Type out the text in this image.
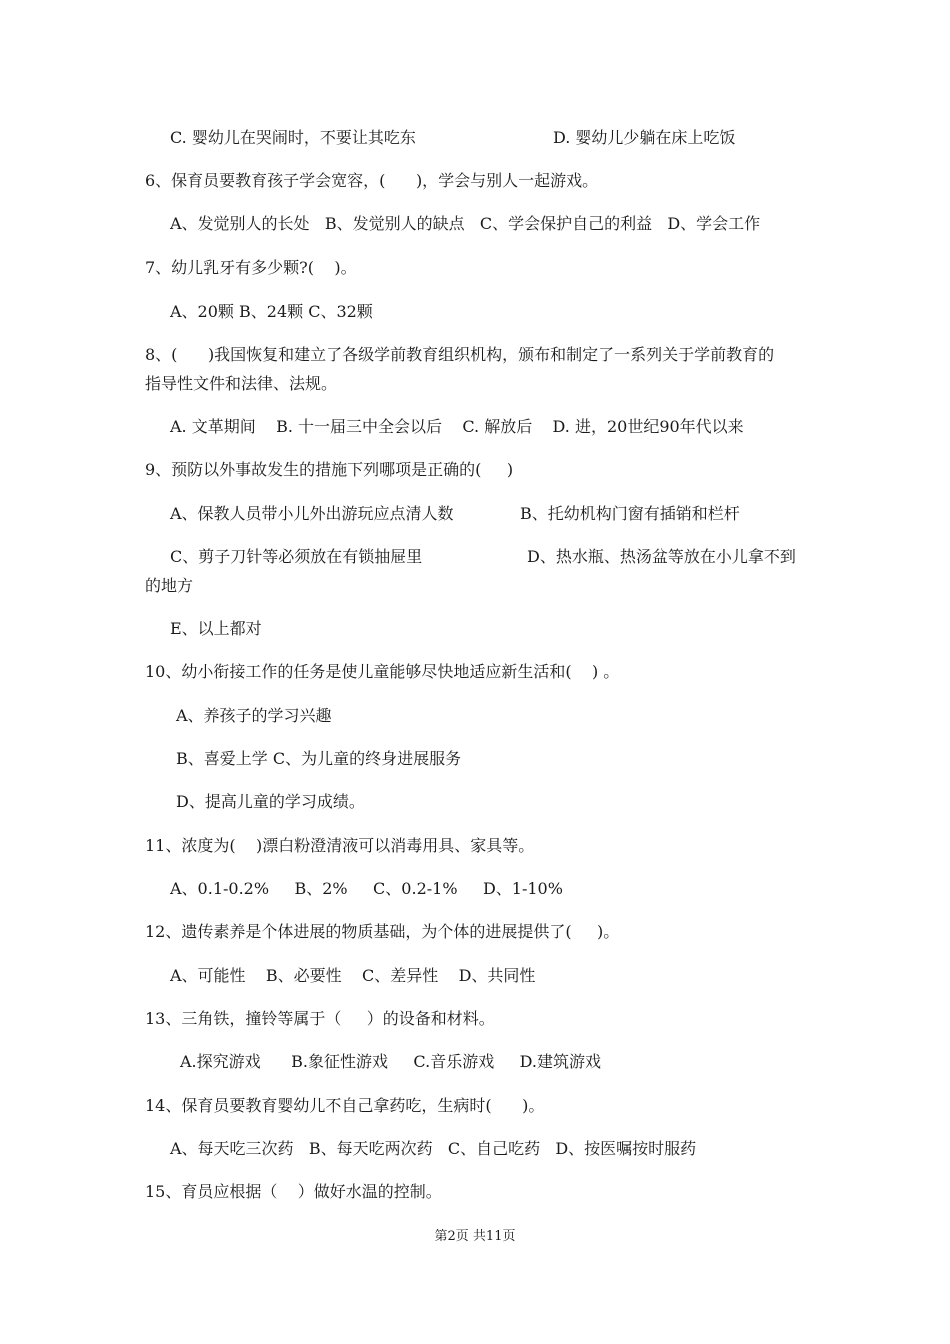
C. 婴幼儿在哭闹时，不要让其吃东	D. 婴幼儿少躺在床上吃饭
6、保育员要教育孩子学会宽容，(      )，学会与别人一起游戏。
A、发觉别人的长处   B、发觉别人的缺点   C、学会保护自己的利益   D、学会工作
7、幼儿乳牙有多少颗?(    )。
A、20颗 B、24颗 C、32颗
8、(      )我国恢复和建立了各级学前教育组织机构，颁布和制定了一系列关于学前教育的
指导性文件和法律、法规。
A. 文革期间    B. 十一届三中全会以后    C. 解放后    D. 进，20世纪90年代以来
9、预防以外事故发生的措施下列哪项是正确的(     )
A、保教人员带小儿外出游玩应点清人数	B、托幼机构门窗有插销和栏杆
C、剪子刀针等必须放在有锁抽屉里	D、热水瓶、热汤盆等放在小儿拿不到
的地方
E、以上都对
10、幼小衔接工作的任务是使儿童能够尽快地适应新生活和(    ) 。
A、养孩子的学习兴趣
B、喜爱上学 C、为儿童的终身进展服务
D、提高儿童的学习成绩。
11、浓度为(    )漂白粉澄清液可以消毒用具、家具等。
A、0.1-0.2%     B、2%     C、0.2-1%     D、1-10%
12、遗传素养是个体进展的物质基础，为个体的进展提供了(     )。
A、可能性    B、必要性    C、差异性    D、共同性
13、三角铁，撞铃等属于（     ）的设备和材料。
A.探究游戏      B.象征性游戏     C.音乐游戏     D.建筑游戏
14、保育员要教育婴幼儿不自己拿药吃，生病时(      )。
A、每天吃三次药   B、每天吃两次药   C、自己吃药   D、按医嘱按时服药
15、育员应根据（    ）做好水温的控制。
第2页 共11页
